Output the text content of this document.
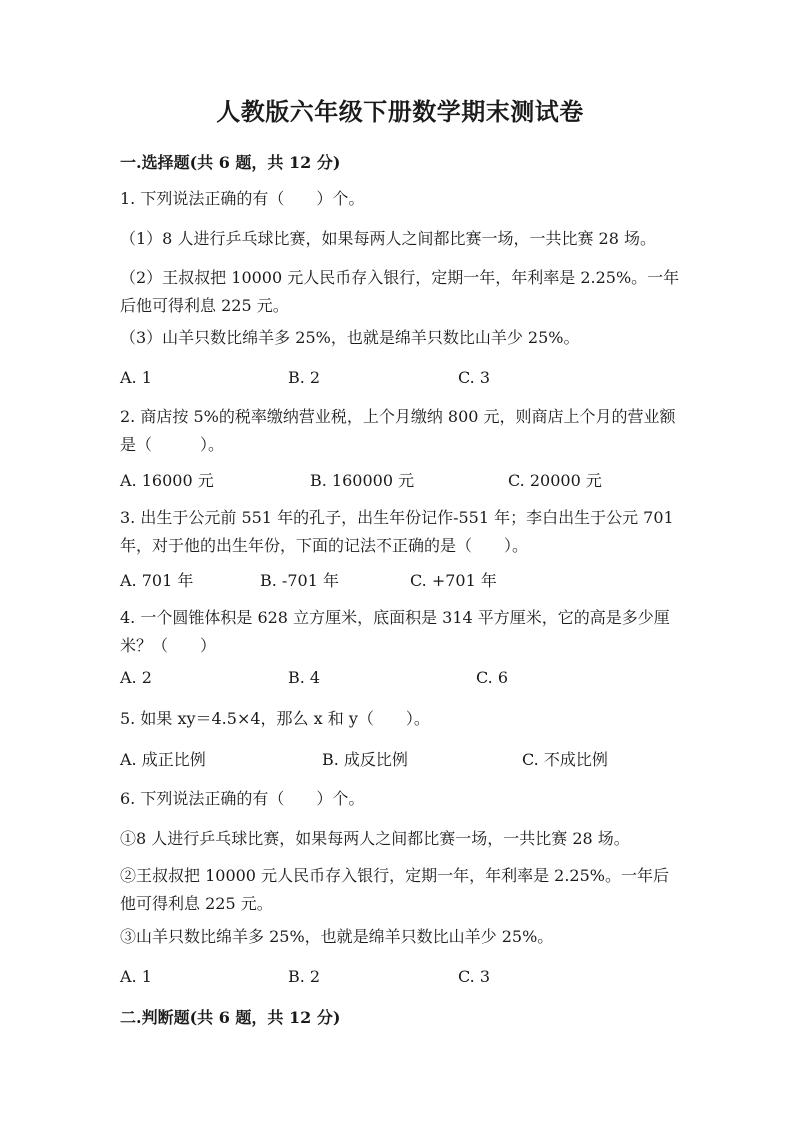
人教版六年级下册数学期末测试卷
一.选择题(共 6 题，共 12 分)
1. 下列说法正确的有（　　）个。
（1）8 人进行乒乓球比赛，如果每两人之间都比赛一场，一共比赛 28 场。
（2）王叔叔把 10000 元人民币存入银行，定期一年，年利率是 2.25%。一年后他可得利息 225 元。
（3）山羊只数比绵羊多 25%，也就是绵羊只数比山羊少 25%。
A. 1	B. 2	C. 3
2. 商店按 5%的税率缴纳营业税，上个月缴纳 800 元，则商店上个月的营业额是（　　　）。
A. 16000 元	B. 160000 元	C. 20000 元
3. 出生于公元前 551 年的孔子，出生年份记作-551 年；李白出生于公元 701 年，对于他的出生年份，下面的记法不正确的是（　　）。
A. 701 年	B. -701 年	C. +701 年
4. 一个圆锥体积是 628 立方厘米，底面积是 314 平方厘米，它的高是多少厘米？（　　）
A. 2	B. 4	C. 6
5. 如果 xy＝4.5×4，那么 x 和 y（　　）。
A. 成正比例	B. 成反比例	C. 不成比例
6. 下列说法正确的有（　　）个。
①8 人进行乒乓球比赛，如果每两人之间都比赛一场，一共比赛 28 场。
②王叔叔把 10000 元人民币存入银行，定期一年，年利率是 2.25%。一年后他可得利息 225 元。
③山羊只数比绵羊多 25%，也就是绵羊只数比山羊少 25%。
A. 1	B. 2	C. 3
二.判断题(共 6 题，共 12 分)
